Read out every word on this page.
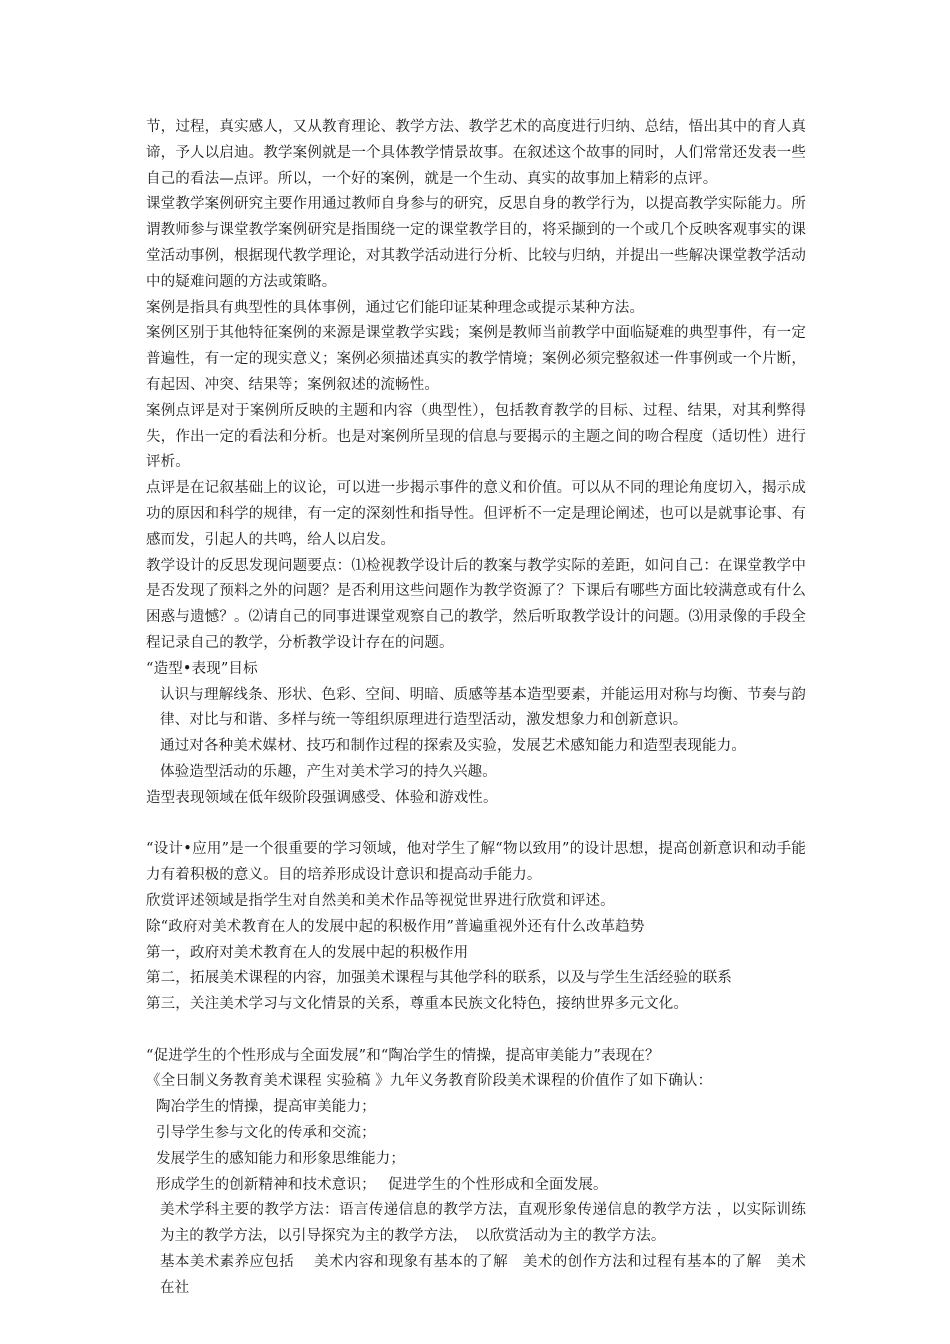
节，过程，真实感人，又从教育理论、教学方法、教学艺术的高度进行归纳、总结，悟出其中的育人真谛，予人以启迪。教学案例就是一个具体教学情景故事。在叙述这个故事的同时，人们常常还发表一些自己的看法—点评。所以，一个好的案例，就是一个生动、真实的故事加上精彩的点评。

课堂教学案例研究主要作用通过教师自身参与的研究，反思自身的教学行为，以提高教学实际能力。所谓教师参与课堂教学案例研究是指围绕一定的课堂教学目的，将采撷到的一个或几个反映客观事实的课堂活动事例，根据现代教学理论，对其教学活动进行分析、比较与归纳，并提出一些解决课堂教学活动中的疑难问题的方法或策略。

案例是指具有典型性的具体事例，通过它们能印证某种理念或提示某种方法。

案例区别于其他特征案例的来源是课堂教学实践；案例是教师当前教学中面临疑难的典型事件，有一定普遍性，有一定的现实意义；案例必须描述真实的教学情境；案例必须完整叙述一件事例或一个片断，有起因、冲突、结果等；案例叙述的流畅性。

案例点评是对于案例所反映的主题和内容（典型性），包括教育教学的目标、过程、结果，对其利弊得失，作出一定的看法和分析。也是对案例所呈现的信息与要揭示的主题之间的吻合程度（适切性）进行评析。

点评是在记叙基础上的议论，可以进一步揭示事件的意义和价值。可以从不同的理论角度切入，揭示成功的原因和科学的规律，有一定的深刻性和指导性。但评析不一定是理论阐述，也可以是就事论事、有感而发，引起人的共鸣，给人以启发。

教学设计的反思发现问题要点：⑴检视教学设计后的教案与教学实际的差距，如问自己：在课堂教学中是否发现了预料之外的问题？是否利用这些问题作为教学资源了？下课后有哪些方面比较满意或有什么困惑与遗憾？。⑵请自己的同事进课堂观察自己的教学，然后听取教学设计的问题。⑶用录像的手段全程记录自己的教学，分析教学设计存在的问题。

“造型•表现”目标

认识与理解线条、形状、色彩、空间、明暗、质感等基本造型要素，并能运用对称与均衡、节奏与韵律、对比与和谐、多样与统一等组织原理进行造型活动，激发想象力和创新意识。

通过对各种美术媒材、技巧和制作过程的探索及实验，发展艺术感知能力和造型表现能力。

体验造型活动的乐趣，产生对美术学习的持久兴趣。

造型表现领域在低年级阶段强调感受、体验和游戏性。

“设计•应用”是一个很重要的学习领域，他对学生了解“物以致用”的设计思想，提高创新意识和动手能力有着积极的意义。目的培养形成设计意识和提高动手能力。

欣赏评述领域是指学生对自然美和美术作品等视觉世界进行欣赏和评述。

除“政府对美术教育在人的发展中起的积极作用”普遍重视外还有什么改革趋势

第一，政府对美术教育在人的发展中起的积极作用

第二，拓展美术课程的内容，加强美术课程与其他学科的联系，以及与学生生活经验的联系

第三，关注美术学习与文化情景的关系，尊重本民族文化特色，接纳世界多元文化。

“促进学生的个性形成与全面发展”和“陶冶学生的情操，提高审美能力”表现在？

《全日制义务教育美术课程 实验稿 》九年义务教育阶段美术课程的价值作了如下确认：

陶冶学生的情操，提高审美能力；

引导学生参与文化的传承和交流；

发展学生的感知能力和形象思维能力；

形成学生的创新精神和技术意识；　 促进学生的个性形成和全面发展。

美术学科主要的教学方法：语言传递信息的教学方法，直观形象传递信息的教学方法 ，以实际训练为主的教学方法，以引导探究为主的教学方法，　以欣赏活动为主的教学方法。

基本美术素养应包括　 美术内容和现象有基本的了解　美术的创作方法和过程有基本的了解　美术在社
